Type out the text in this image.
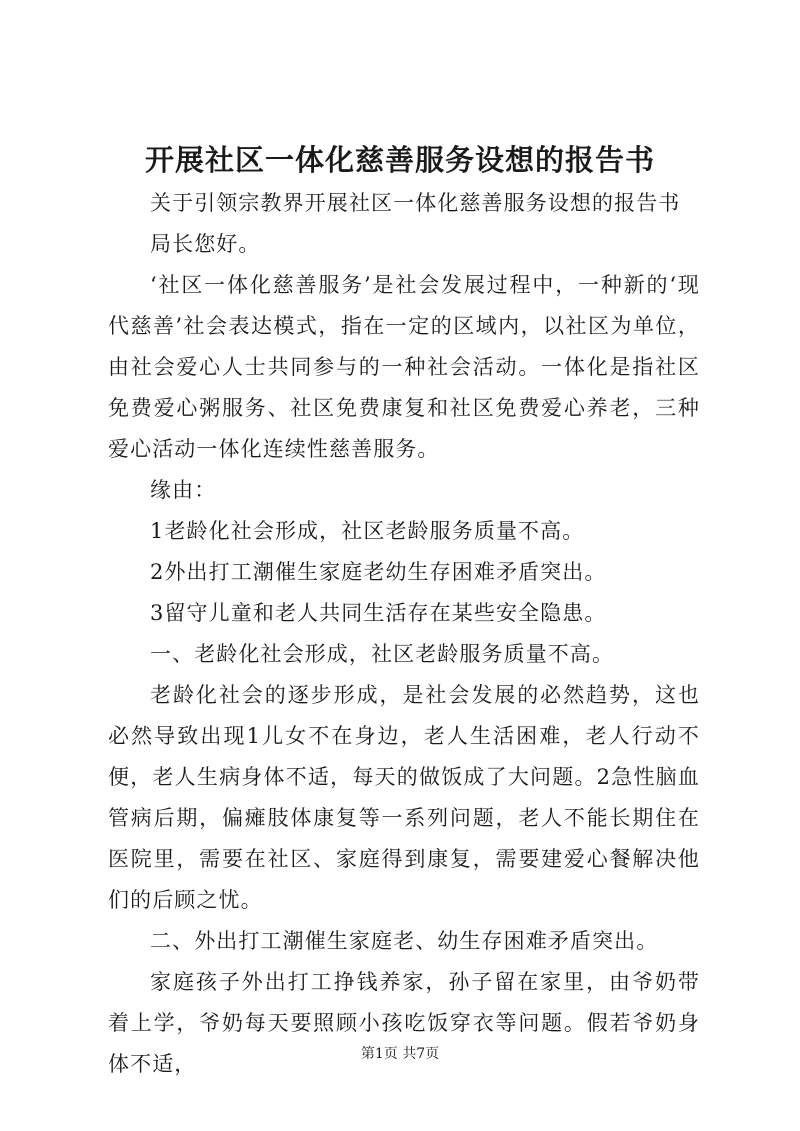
开展社区一体化慈善服务设想的报告书

关于引领宗教界开展社区一体化慈善服务设想的报告书

局长您好。

‘社区一体化慈善服务’是社会发展过程中，一种新的‘现代慈善’社会表达模式，指在一定的区域内，以社区为单位，由社会爱心人士共同参与的一种社会活动。一体化是指社区免费爱心粥服务、社区免费康复和社区免费爱心养老，三种爱心活动一体化连续性慈善服务。

缘由：

1老龄化社会形成，社区老龄服务质量不高。

2外出打工潮催生家庭老幼生存困难矛盾突出。

3留守儿童和老人共同生活存在某些安全隐患。

一、老龄化社会形成，社区老龄服务质量不高。

老龄化社会的逐步形成，是社会发展的必然趋势，这也必然导致出现1儿女不在身边，老人生活困难，老人行动不便，老人生病身体不适，每天的做饭成了大问题。2急性脑血管病后期，偏瘫肢体康复等一系列问题，老人不能长期住在医院里，需要在社区、家庭得到康复，需要建爱心餐解决他们的后顾之忧。

二、外出打工潮催生家庭老、幼生存困难矛盾突出。

家庭孩子外出打工挣钱养家，孙子留在家里，由爷奶带着上学，爷奶每天要照顾小孩吃饭穿衣等问题。假若爷奶身体不适，	第1页 共7页
